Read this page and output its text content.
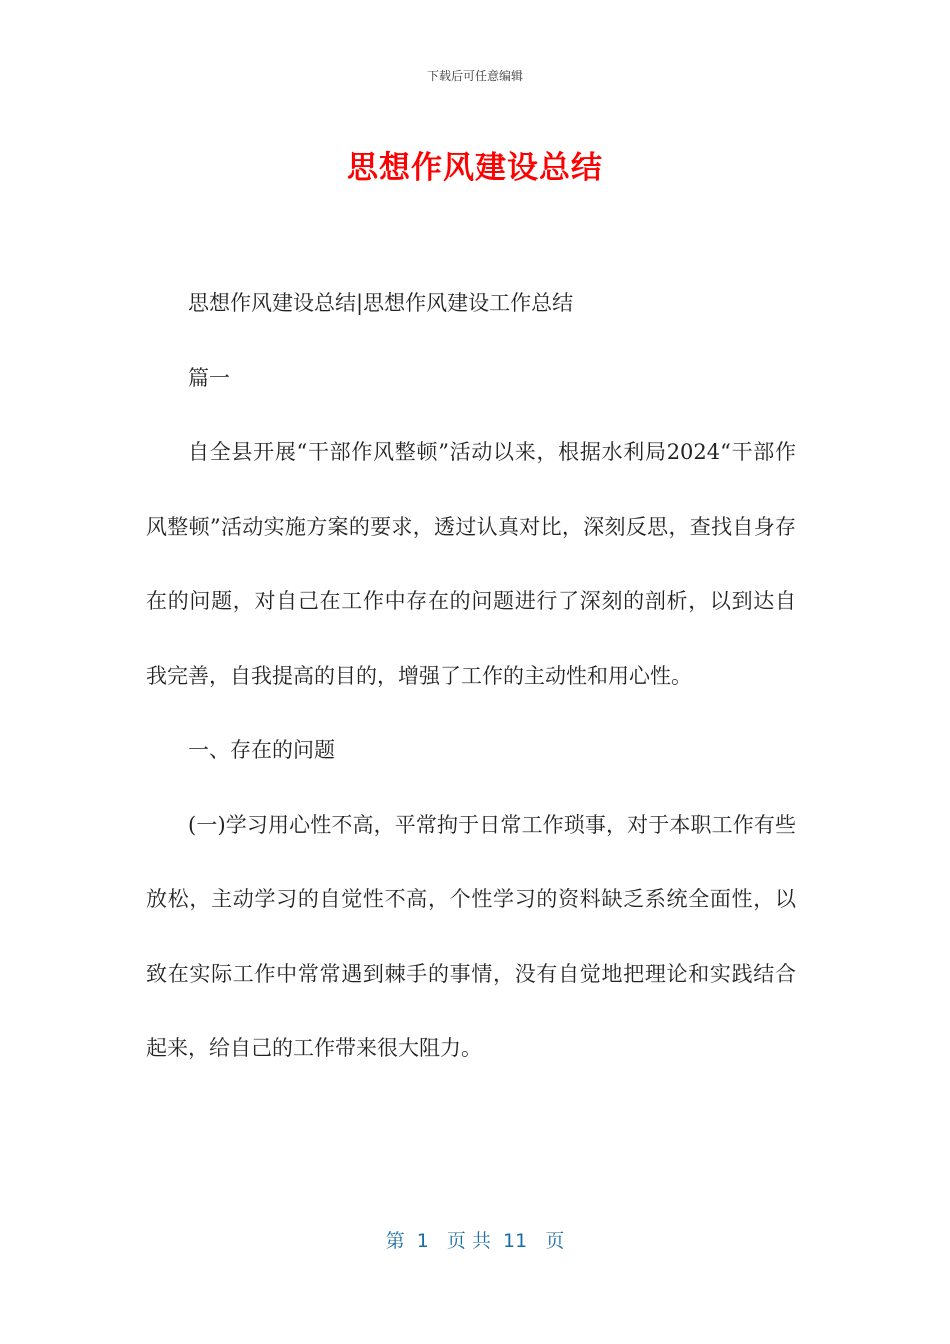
下载后可任意编辑
思想作风建设总结

思想作风建设总结|思想作风建设工作总结

篇一

自全县开展“干部作风整顿”活动以来，根据水利局2024“干部作风整顿”活动实施方案的要求，透过认真对比，深刻反思，查找自身存在的问题，对自己在工作中存在的问题进行了深刻的剖析，以到达自我完善，自我提高的目的，增强了工作的主动性和用心性。

一、存在的问题

(一)学习用心性不高，平常拘于日常工作琐事，对于本职工作有些放松，主动学习的自觉性不高，个性学习的资料缺乏系统全面性，以致在实际工作中常常遇到棘手的事情，没有自觉地把理论和实践结合起来，给自己的工作带来很大阻力。

第  1   页 共  11   页
